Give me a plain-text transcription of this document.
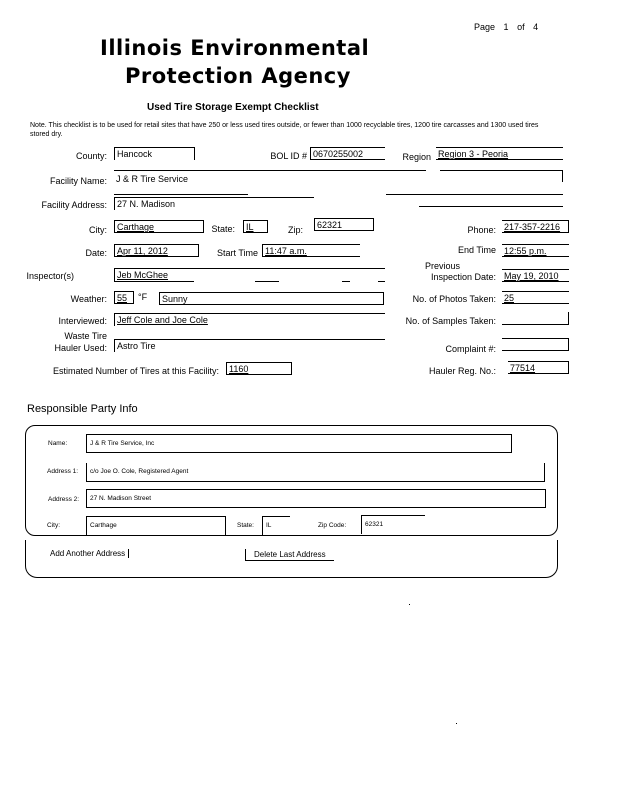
Page 1 of 4
Illinois Environmental
Protection Agency
Used Tire Storage Exempt Checklist
Note. This checklist is to be used for retail sites that have 250 or less used tires outside, or fewer than 1000 recyclable tires, 1200 tire carcasses and 1300 used tires stored dry.
County:	Hancock	BOL ID # 0670255002	Region Region 3 - Peoria
Facility Name: J & R Tire Service
Facility Address:	27 N. Madison
City:	Carthage	State:	IL	Zip:	62321	Phone: 217-357-2216
Date:	Apr 11, 2012	Start Time 11:47 a.m.	End Time 12:55 p.m.
Inspector(s)	Jeb McGhee
Previous
Inspection Date: May 19, 2010
Weather:	55	°F	Sunny	No. of Photos Taken: 25
Interviewed:	Jeff Cole and Joe Cole	No. of Samples Taken:
Waste Tire
Hauler Used:	Astro Tire	Complaint #:
Estimated Number of Tires at this Facility:	1160	Hauler Reg. No.: 77514
Responsible Party Info
Name:	J & R Tire Service, Inc
Address 1:	c/o Joe O. Cole, Registered Agent
Address 2:	27 N. Madison Street
City:	Carthage	State:	IL	Zip Code:	62321
Add Another Address	Delete Last Address
